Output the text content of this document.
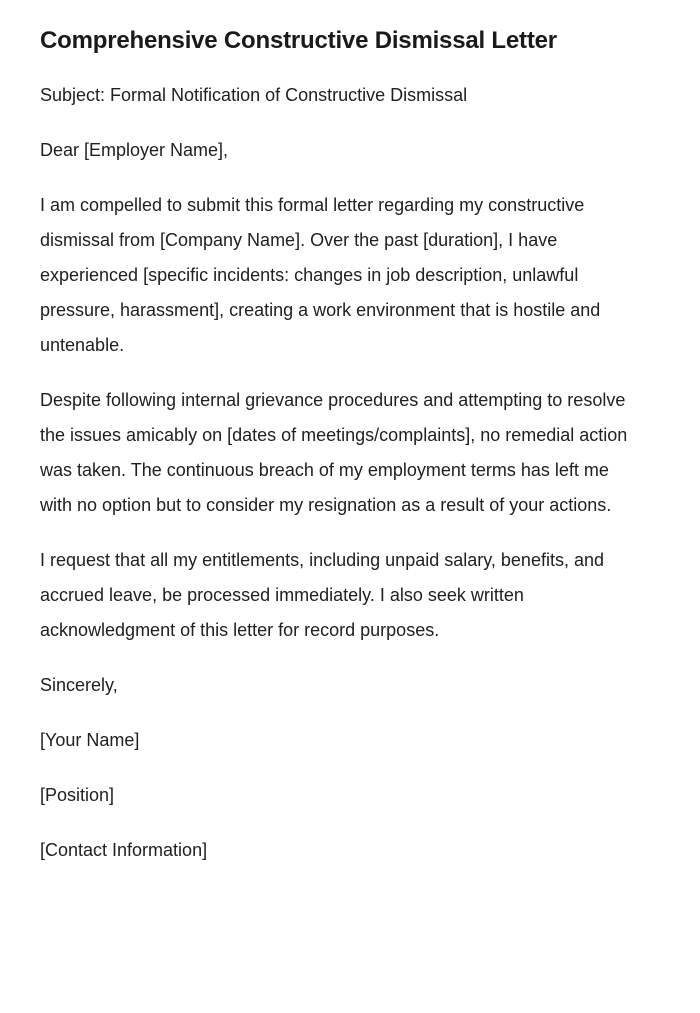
Comprehensive Constructive Dismissal Letter

Subject: Formal Notification of Constructive Dismissal

Dear [Employer Name],

I am compelled to submit this formal letter regarding my constructive dismissal from [Company Name]. Over the past [duration], I have experienced [specific incidents: changes in job description, unlawful pressure, harassment], creating a work environment that is hostile and untenable.

Despite following internal grievance procedures and attempting to resolve the issues amicably on [dates of meetings/complaints], no remedial action was taken. The continuous breach of my employment terms has left me with no option but to consider my resignation as a result of your actions.

I request that all my entitlements, including unpaid salary, benefits, and accrued leave, be processed immediately. I also seek written acknowledgment of this letter for record purposes.

Sincerely,

[Your Name]

[Position]

[Contact Information]
